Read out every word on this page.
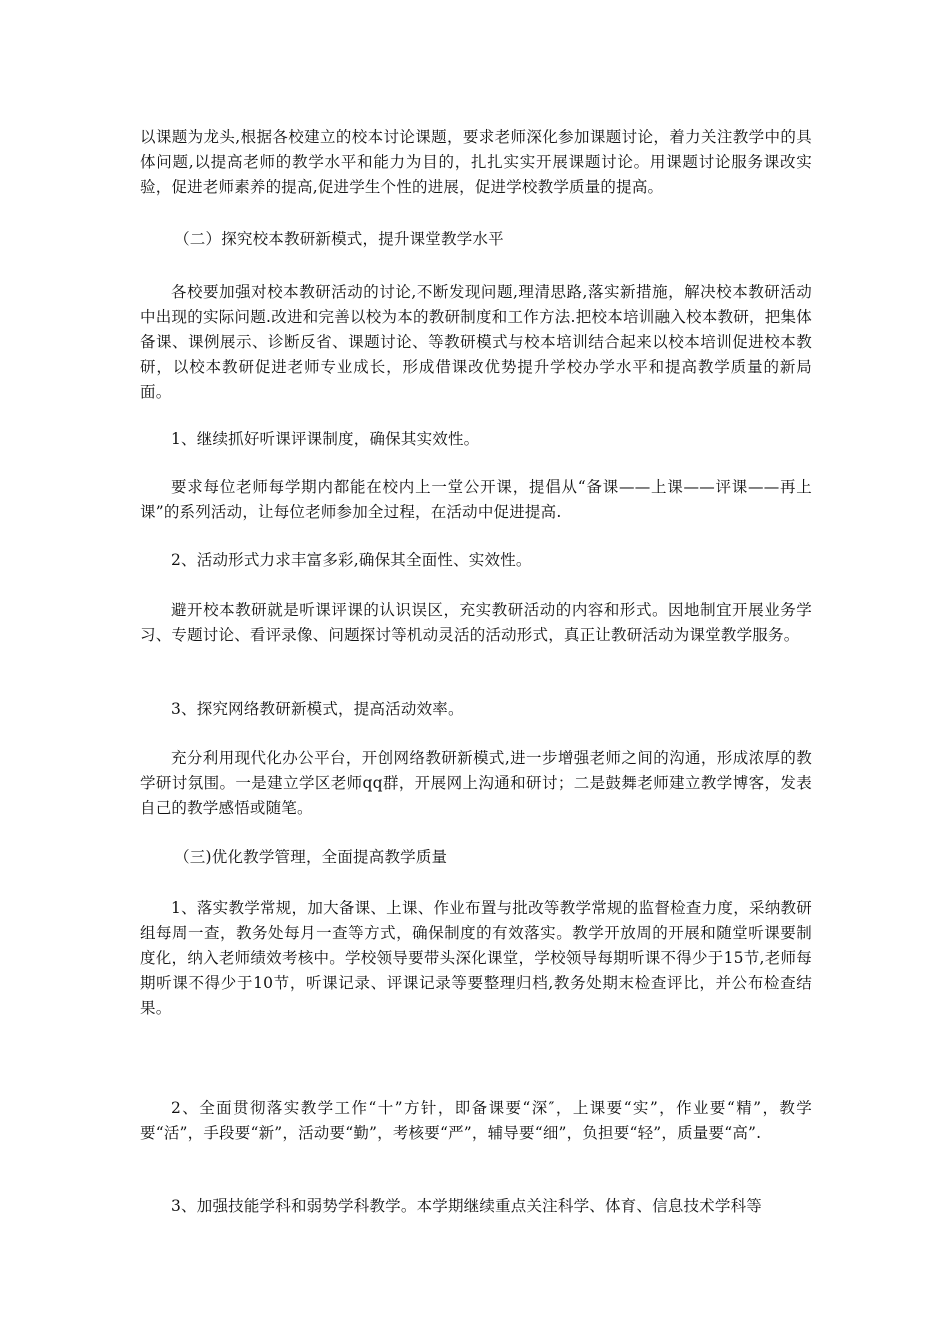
以课题为龙头,根据各校建立的校本讨论课题，要求老师深化参加课题讨论，着力关注教学中的具体问题,以提高老师的教学水平和能力为目的，扎扎实实开展课题讨论。用课题讨论服务课改实验，促进老师素养的提高,促进学生个性的进展，促进学校教学质量的提高。

（二）探究校本教研新模式，提升课堂教学水平

各校要加强对校本教研活动的讨论,不断发现问题,理清思路,落实新措施，解决校本教研活动中出现的实际问题.改进和完善以校为本的教研制度和工作方法.把校本培训融入校本教研，把集体备课、课例展示、诊断反省、课题讨论、等教研模式与校本培训结合起来以校本培训促进校本教研，以校本教研促进老师专业成长，形成借课改优势提升学校办学水平和提高教学质量的新局面。

1、继续抓好听课评课制度，确保其实效性。

要求每位老师每学期内都能在校内上一堂公开课，提倡从“备课——上课——评课——再上课”的系列活动，让每位老师参加全过程，在活动中促进提高.

2、活动形式力求丰富多彩,确保其全面性、实效性。

避开校本教研就是听课评课的认识误区，充实教研活动的内容和形式。因地制宜开展业务学习、专题讨论、看评录像、问题探讨等机动灵活的活动形式，真正让教研活动为课堂教学服务。

3、探究网络教研新模式，提高活动效率。

充分利用现代化办公平台，开创网络教研新模式,进一步增强老师之间的沟通，形成浓厚的教学研讨氛围。一是建立学区老师qq群，开展网上沟通和研讨；二是鼓舞老师建立教学博客，发表自己的教学感悟或随笔。

（三)优化教学管理，全面提高教学质量

1、落实教学常规，加大备课、上课、作业布置与批改等教学常规的监督检查力度，采纳教研组每周一查，教务处每月一查等方式，确保制度的有效落实。教学开放周的开展和随堂听课要制度化，纳入老师绩效考核中。学校领导要带头深化课堂，学校领导每期听课不得少于15节,老师每期听课不得少于10节，听课记录、评课记录等要整理归档,教务处期末检查评比，并公布检查结果。

2、全面贯彻落实教学工作“十”方针，即备课要“深″，上课要“实”，作业要“精”，教学要“活”，手段要“新”，活动要“勤”，考核要“严”，辅导要“细”，负担要“轻”，质量要“高”.

3、加强技能学科和弱势学科教学。本学期继续重点关注科学、体育、信息技术学科等
